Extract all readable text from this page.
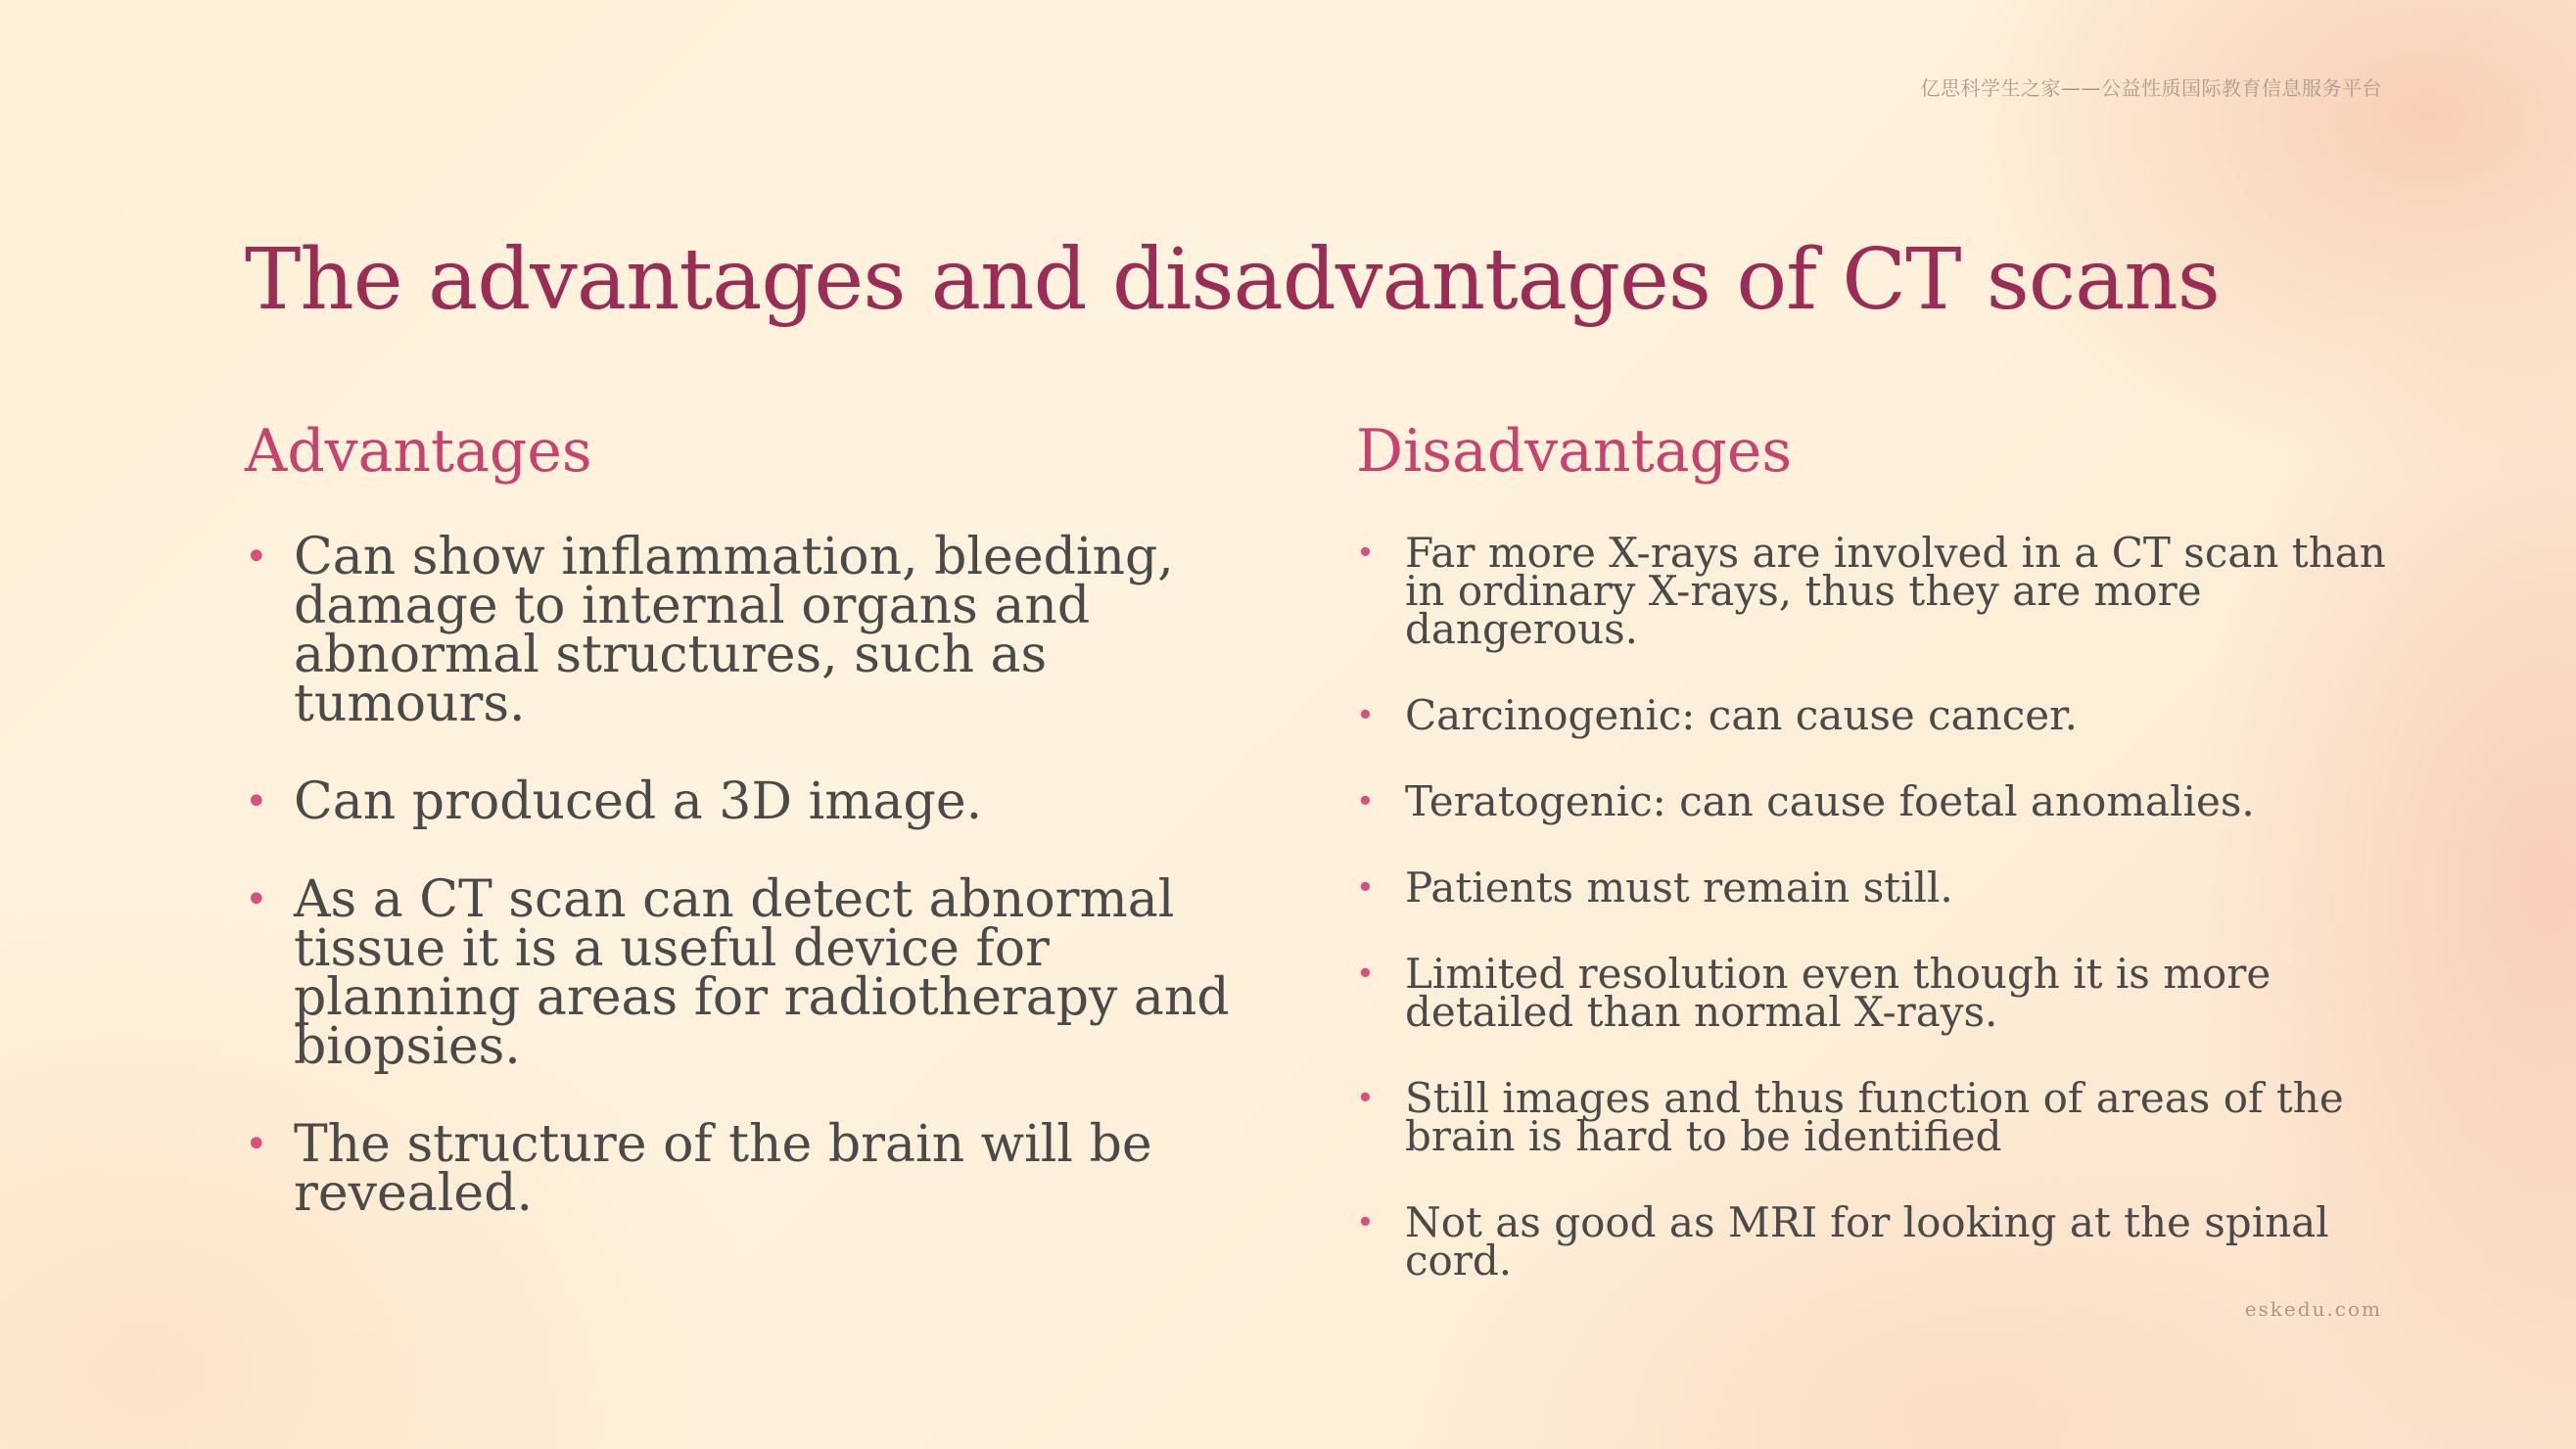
亿思科学生之家——公益性质国际教育信息服务平台
The advantages and disadvantages of CT scans
Advantages	Disadvantages
• Can show inflammation, bleeding, damage to internal organs and abnormal structures, such as tumours.
• Can produced a 3D image.
• As a CT scan can detect abnormal tissue it is a useful device for planning areas for radiotherapy and biopsies.
• The structure of the brain will be revealed.
• Far more X-rays are involved in a CT scan than in ordinary X-rays, thus they are more dangerous.
• Carcinogenic: can cause cancer.
• Teratogenic: can cause foetal anomalies.
• Patients must remain still.
• Limited resolution even though it is more detailed than normal X-rays.
• Still images and thus function of areas of the brain is hard to be identified
• Not as good as MRI for looking at the spinal cord.
eskedu.com
